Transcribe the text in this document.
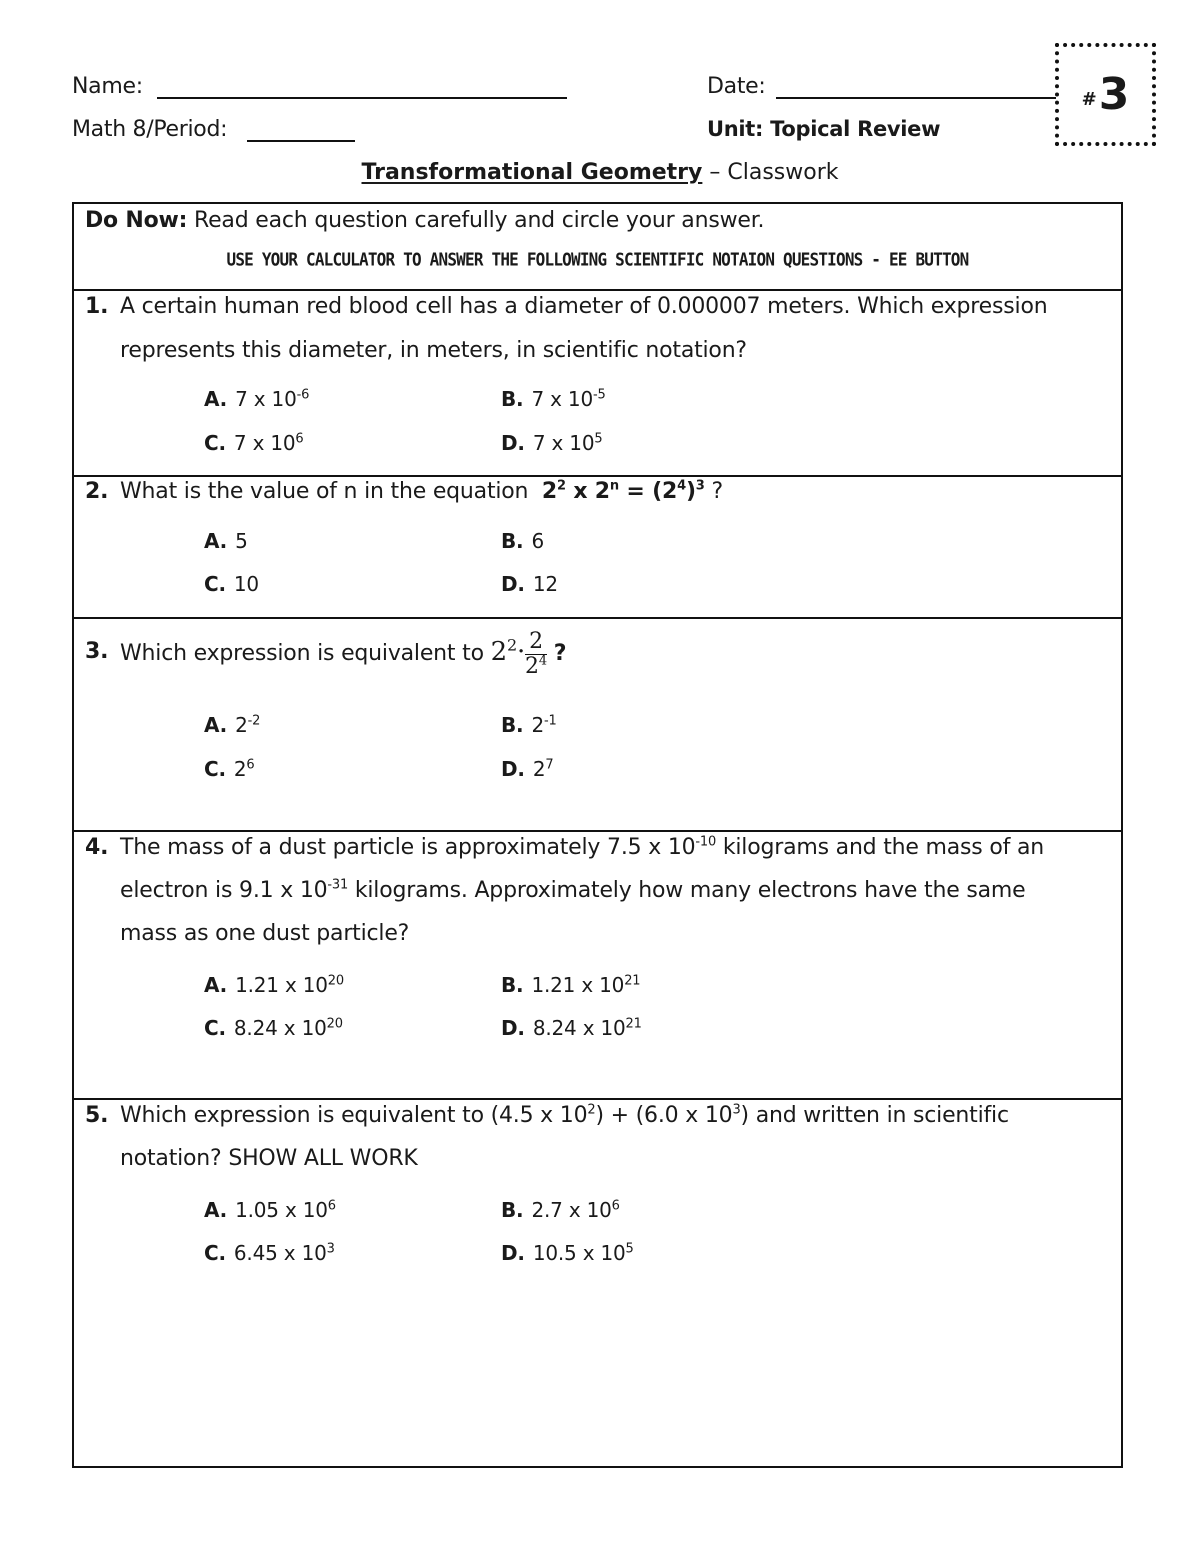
Name:	Date:
Math 8/Period:	Unit: Topical Review
# 3
Transformational Geometry – Classwork
Do Now: Read each question carefully and circle your answer.
USE YOUR CALCULATOR TO ANSWER THE FOLLOWING SCIENTIFIC NOTAION QUESTIONS - EE BUTTON
1. A certain human red blood cell has a diameter of 0.000007 meters. Which expression
represents this diameter, in meters, in scientific notation?
A. 7 x $10^{-6}$	B. 7 x $10^{-5}$
C. 7 x $10^6$	D. 7 x $10^5$
2. What is the value of n in the equation $2^2$ x $2^n = (2^4)^3$ ?
A. 5	B. 6
C. 10	D. 12
3. Which expression is equivalent to $2^2\cdot \frac{2}{2^4}$ ?
A. $2^{-2}$	B. $2^{-1}$
C. $2^6$	D. $2^7$
4. The mass of a dust particle is approximately 7.5 x $10^{-10}$ kilograms and the mass of an
electron is 9.1 x $10^{-31}$ kilograms. Approximately how many electrons have the same
mass as one dust particle?
A. 1.21 x $10^{20}$	B. 1.21 x $10^{21}$
C. 8.24 x $10^{20}$	D. 8.24 x $10^{21}$
5. Which expression is equivalent to (4.5 x $10^2) + (6.0$ x $10^3$) and written in scientific
notation? SHOW ALL WORK
A. 1.05 x $10^6$	B. 2.7 x $10^6$
C. 6.45 x $10^3$	D. 10.5 x $10^5$
